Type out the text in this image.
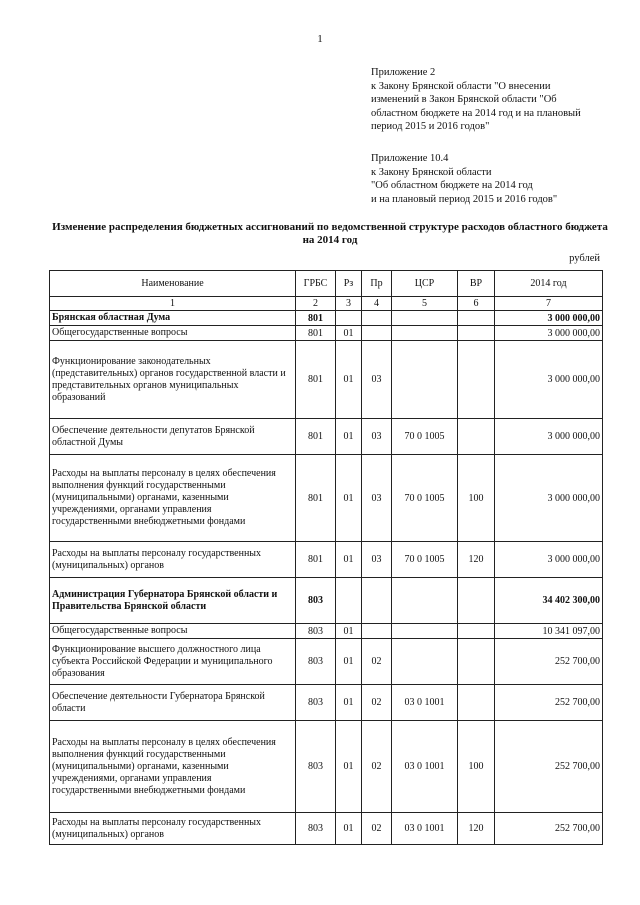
1
Приложение 2
к Закону Брянской области "О внесении
изменений в Закон Брянской области "Об
областном бюджете на 2014 год и на плановый
период 2015 и 2016 годов"
Приложение 10.4
к Закону Брянской области
"Об областном бюджете на 2014 год
и на плановый период 2015 и 2016 годов"
Изменение распределения бюджетных ассигнований по ведомственной структуре расходов областного бюджета
на 2014 год
рублей
Наименование	ГРБС	Рз	Пр	ЦСР	ВР	2014 год
1	2	3	4	5	6	7
Брянская областная Дума	801					3 000 000,00
Общегосударственные вопросы	801	01				3 000 000,00
Функционирование законодательных (представительных) органов государственной власти и представительных органов муниципальных образований	801	01	03			3 000 000,00
Обеспечение деятельности депутатов Брянской областной Думы	801	01	03	70 0 1005		3 000 000,00
Расходы на выплаты персоналу в целях обеспечения выполнения функций государственными (муниципальными) органами, казенными учреждениями, органами управления государственными внебюджетными фондами	801	01	03	70 0 1005	100	3 000 000,00
Расходы на выплаты персоналу государственных (муниципальных) органов	801	01	03	70 0 1005	120	3 000 000,00
Администрация Губернатора Брянской области и Правительства Брянской области	803					34 402 300,00
Общегосударственные вопросы	803	01				10 341 097,00
Функционирование высшего должностного лица субъекта Российской Федерации и муниципального образования	803	01	02			252 700,00
Обеспечение деятельности Губернатора Брянской области	803	01	02	03 0 1001		252 700,00
Расходы на выплаты персоналу в целях обеспечения выполнения функций государственными (муниципальными) органами, казенными учреждениями, органами управления государственными внебюджетными фондами	803	01	02	03 0 1001	100	252 700,00
Расходы на выплаты персоналу государственных (муниципальных) органов	803	01	02	03 0 1001	120	252 700,00
